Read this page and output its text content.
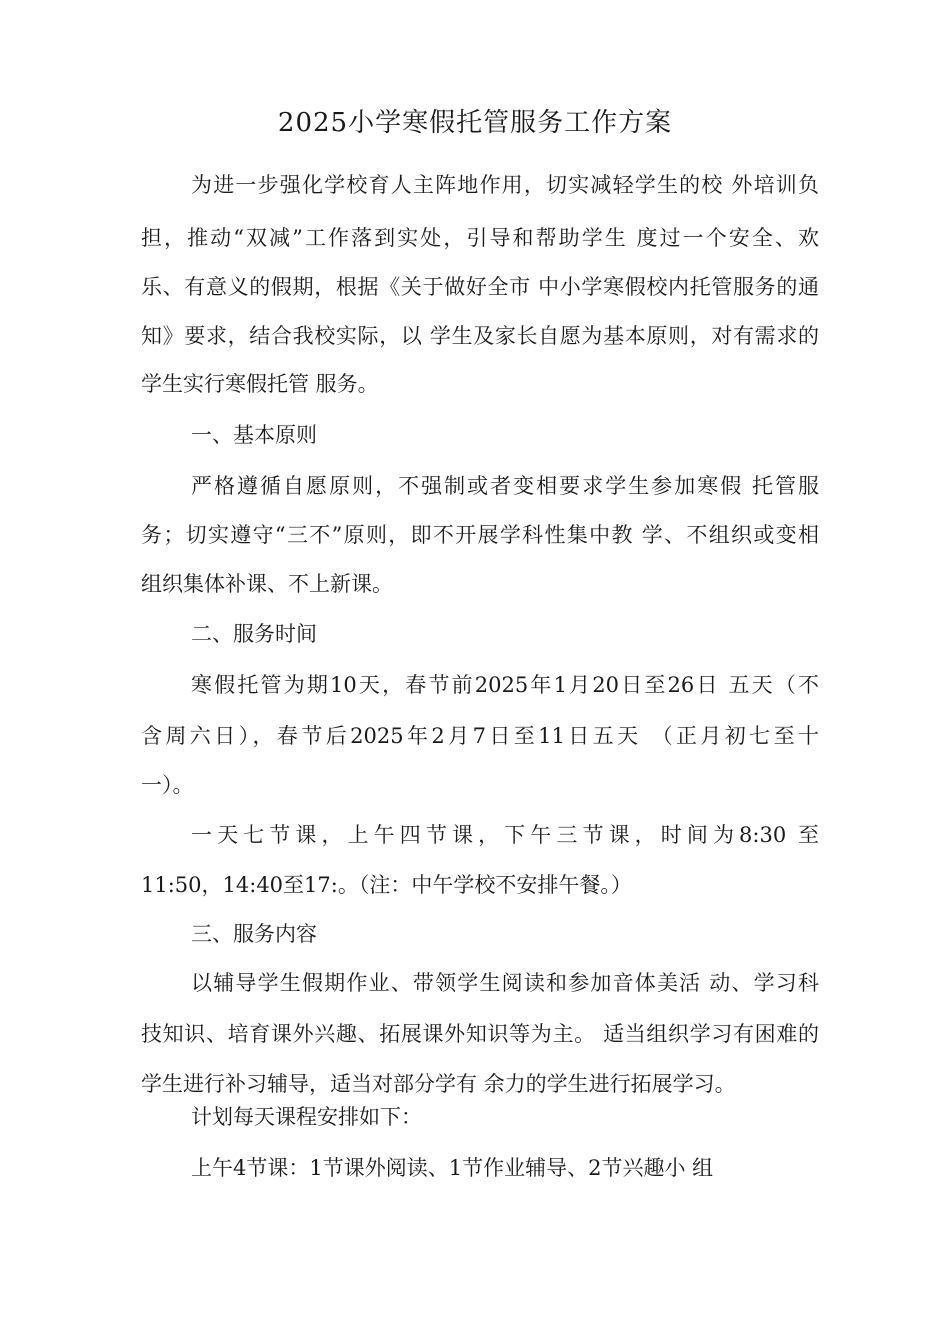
2025小学寒假托管服务工作方案
为进一步强化学校育人主阵地作用，切实减轻学生的校 外培训负
担，推动“双减”工作落到实处，引导和帮助学生 度过一个安全、欢
乐、有意义的假期，根据《关于做好全市 中小学寒假校内托管服务的通
知》要求，结合我校实际，以 学生及家长自愿为基本原则，对有需求的
学生实行寒假托管 服务。
一、基本原则
严格遵循自愿原则，不强制或者变相要求学生参加寒假 托管服
务；切实遵守“三不”原则，即不开展学科性集中教 学、不组织或变相
组织集体补课、不上新课。
二、服务时间
寒假托管为期10天，春节前2025年1月20日至26日 五天（不
含周六日），春节后2025年2月7日至11日五天 （正月初七至十
一）。
一天七节课，上午四节课，下午三节课，时间为8:30 至
11:50，14:40至17:。（注：中午学校不安排午餐。）
三、服务内容
以辅导学生假期作业、带领学生阅读和参加音体美活 动、学习科
技知识、培育课外兴趣、拓展课外知识等为主。 适当组织学习有困难的
学生进行补习辅导，适当对部分学有 余力的学生进行拓展学习。
计划每天课程安排如下：
上午4节课：1节课外阅读、1节作业辅导、2节兴趣小 组
